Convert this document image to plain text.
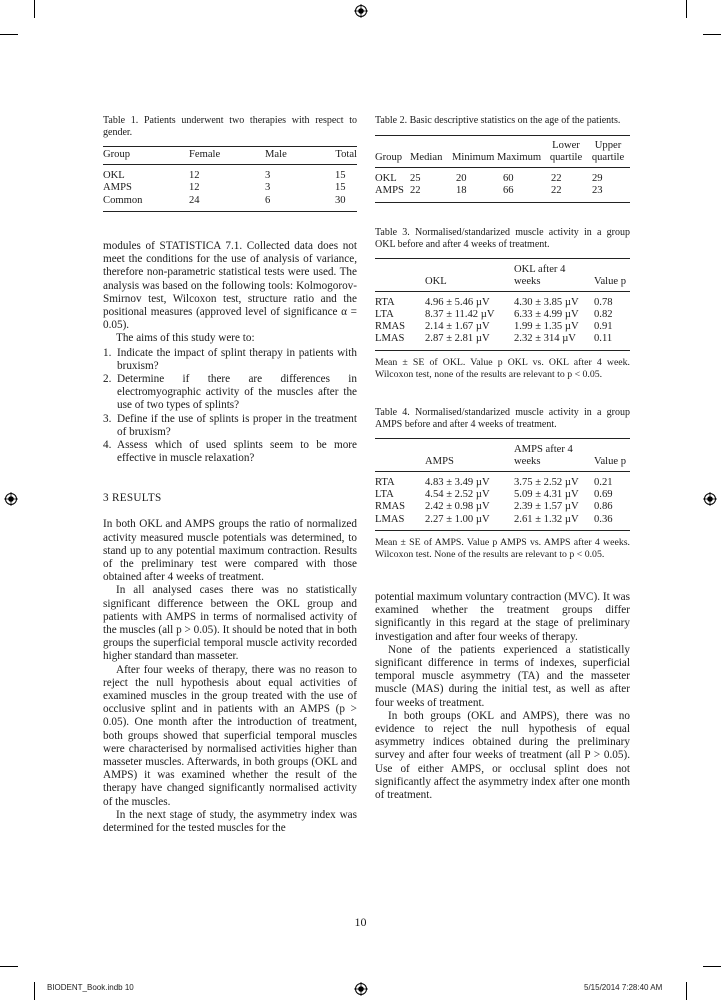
Table 1. Patients underwent two therapies with respect to gender.

Group	Female	Male	Total
OKL	12	3	15
AMPS	12	3	15
Common	24	6	30

modules of STATISTICA 7.1. Collected data does not meet the conditions for the use of analysis of variance, therefore non-parametric statistical tests were used. The analysis was based on the following tools: Kolmogorov-Smirnov test, Wilcoxon test, structure ratio and the positional measures (approved level of significance α = 0.05).

The aims of this study were to:

1. Indicate the impact of splint therapy in patients with bruxism?
2. Determine if there are differences in electromyographic activity of the muscles after the use of two types of splints?
3. Define if the use of splints is proper in the treatment of bruxism?
4. Assess which of used splints seem to be more effective in muscle relaxation?
3 RESULTS

In both OKL and AMPS groups the ratio of normalized activity measured muscle potentials was determined, to stand up to any potential maximum contraction. Results of the preliminary test were compared with those obtained after 4 weeks of treatment.

In all analysed cases there was no statistically significant difference between the OKL group and patients with AMPS in terms of normalised activity of the muscles (all p > 0.05). It should be noted that in both groups the superficial temporal muscle activity recorded higher standard than masseter.

After four weeks of therapy, there was no reason to reject the null hypothesis about equal activities of examined muscles in the group treated with the use of occlusive splint and in patients with an AMPS (p > 0.05). One month after the introduction of treatment, both groups showed that superficial temporal muscles were characterised by normalised activities higher than masseter muscles. Afterwards, in both groups (OKL and AMPS) it was examined whether the result of the therapy have changed significantly normalised activity of the muscles.

In the next stage of study, the asymmetry index was determined for the tested muscles for the

Table 2. Basic descriptive statistics on the age of the patients.

Group	Median	Minimum	Maximum	Lower quartile	Upper quartile
OKL	25	20	60	22	29
AMPS	22	18	66	22	23

Table 3. Normalised/standarized muscle activity in a group OKL before and after 4 weeks of treatment.

	OKL	OKL after 4 weeks	Value p
RTA	4.96 ± 5.46 µV	4.30 ± 3.85 µV	0.78
LTA	8.37 ± 11.42 µV	6.33 ± 4.99 µV	0.82
RMAS	2.14 ± 1.67 µV	1.99 ± 1.35 µV	0.91
LMAS	2.87 ± 2.81 µV	2.32 ± 314 µV	0.11

Mean ± SE of OKL. Value p OKL vs. OKL after 4 week. Wilcoxon test, none of the results are relevant to p < 0.05.

Table 4. Normalised/standarized muscle activity in a group AMPS before and after 4 weeks of treatment.

	AMPS	AMPS after 4 weeks	Value p
RTA	4.83 ± 3.49 µV	3.75 ± 2.52 µV	0.21
LTA	4.54 ± 2.52 µV	5.09 ± 4.31 µV	0.69
RMAS	2.42 ± 0.98 µV	2.39 ± 1.57 µV	0.86
LMAS	2.27 ± 1.00 µV	2.61 ± 1.32 µV	0.36

Mean ± SE of AMPS. Value p AMPS vs. AMPS after 4 weeks. Wilcoxon test. None of the results are relevant to p < 0.05.

potential maximum voluntary contraction (MVC). It was examined whether the treatment groups differ significantly in this regard at the stage of preliminary investigation and after four weeks of therapy.

None of the patients experienced a statistically significant difference in terms of indexes, superficial temporal muscle asymmetry (TA) and the masseter muscle (MAS) during the initial test, as well as after four weeks of treatment.

In both groups (OKL and AMPS), there was no evidence to reject the null hypothesis of equal asymmetry indices obtained during the preliminary survey and after four weeks of treatment (all P > 0.05). Use of either AMPS, or occlusal splint does not significantly affect the asymmetry index after one month of treatment.

10
BIODENT_Book.indb 10	5/15/2014 7:28:40 AM
